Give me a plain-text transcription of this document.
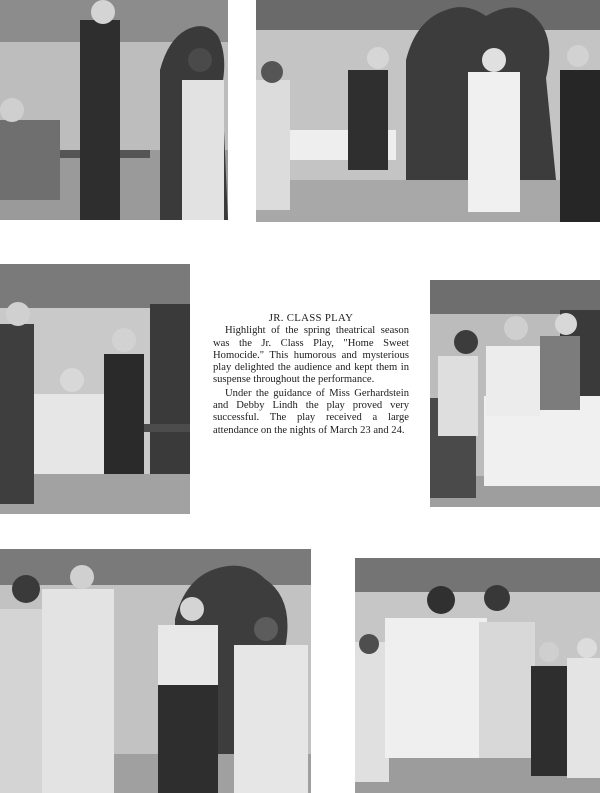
JR. CLASS PLAY

Highlight of the spring theatrical season was the Jr. Class Play, "Home Sweet Homocide." This humorous and mysterious play delighted the audience and kept them in suspense throughout the performance.

Under the guidance of Miss Gerhardstein and Debby Lindh the play proved very successful. The play received a large attendance on the nights of March 23 and 24.
